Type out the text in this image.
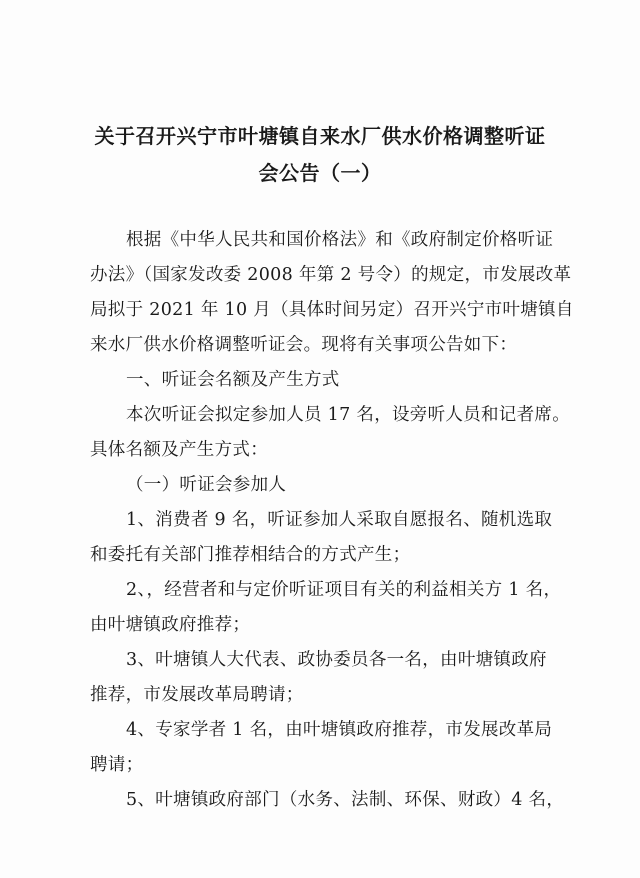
关于召开兴宁市叶塘镇自来水厂供水价格调整听证
会公告（一）
根据《中华人民共和国价格法》和《政府制定价格听证
办法》（国家发改委 2008 年第 2 号令）的规定，市发展改革
局拟于 2021 年 10 月（具体时间另定）召开兴宁市叶塘镇自
来水厂供水价格调整听证会。现将有关事项公告如下：
一、听证会名额及产生方式
本次听证会拟定参加人员 17 名，设旁听人员和记者席。
具体名额及产生方式：
（一）听证会参加人
1、消费者 9 名，听证参加人采取自愿报名、随机选取
和委托有关部门推荐相结合的方式产生；
2、，经营者和与定价听证项目有关的利益相关方 1 名，
由叶塘镇政府推荐；
3、叶塘镇人大代表、政协委员各一名，由叶塘镇政府
推荐，市发展改革局聘请；
4、专家学者 1 名，由叶塘镇政府推荐，市发展改革局
聘请；
5、叶塘镇政府部门（水务、法制、环保、财政）4 名，
